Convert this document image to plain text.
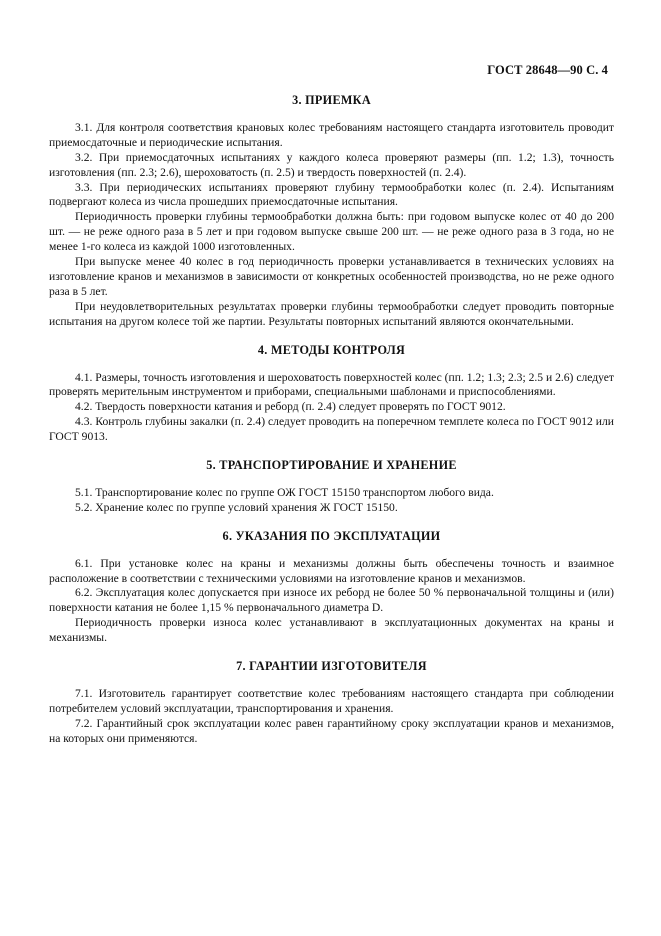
ГОСТ 28648—90 С. 4
3. ПРИЕМКА

3.1. Для контроля соответствия крановых колес требованиям настоящего стандарта изготовитель проводит приемосдаточные и периодические испытания.

3.2. При приемосдаточных испытаниях у каждого колеса проверяют размеры (пп. 1.2; 1.3), точность изготовления (пп. 2.3; 2.6), шероховатость (п. 2.5) и твердость поверхностей (п. 2.4).

3.3. При периодических испытаниях проверяют глубину термообработки колес (п. 2.4). Испытаниям подвергают колеса из числа прошедших приемосдаточные испытания.

Периодичность проверки глубины термообработки должна быть: при годовом выпуске колес от 40 до 200 шт. — не реже одного раза в 5 лет и при годовом выпуске свыше 200 шт. — не реже одного раза в 3 года, но не менее 1-го колеса из каждой 1000 изготовленных.

При выпуске менее 40 колес в год периодичность проверки устанавливается в технических условиях на изготовление кранов и механизмов в зависимости от конкретных особенностей производства, но не реже одного раза в 5 лет.

При неудовлетворительных результатах проверки глубины термообработки следует проводить повторные испытания на другом колесе той же партии. Результаты повторных испытаний являются окончательными.

4. МЕТОДЫ КОНТРОЛЯ

4.1. Размеры, точность изготовления и шероховатость поверхностей колес (пп. 1.2; 1.3; 2.3; 2.5 и 2.6) следует проверять мерительным инструментом и приборами, специальными шаблонами и приспособлениями.

4.2. Твердость поверхности катания и реборд (п. 2.4) следует проверять по ГОСТ 9012.

4.3. Контроль глубины закалки (п. 2.4) следует проводить на поперечном темплете колеса по ГОСТ 9012 или ГОСТ 9013.

5. ТРАНСПОРТИРОВАНИЕ И ХРАНЕНИЕ

5.1. Транспортирование колес по группе ОЖ ГОСТ 15150 транспортом любого вида.

5.2. Хранение колес по группе условий хранения Ж ГОСТ 15150.

6. УКАЗАНИЯ ПО ЭКСПЛУАТАЦИИ

6.1. При установке колес на краны и механизмы должны быть обеспечены точность и взаимное расположение в соответствии с техническими условиями на изготовление кранов и механизмов.

6.2. Эксплуатация колес допускается при износе их реборд не более 50 % первоначальной толщины и (или) поверхности катания не более 1,15 % первоначального диаметра D.

Периодичность проверки износа колес устанавливают в эксплуатационных документах на краны и механизмы.

7. ГАРАНТИИ ИЗГОТОВИТЕЛЯ

7.1. Изготовитель гарантирует соответствие колес требованиям настоящего стандарта при соблюдении потребителем условий эксплуатации, транспортирования и хранения.

7.2. Гарантийный срок эксплуатации колес равен гарантийному сроку эксплуатации кранов и механизмов, на которых они применяются.
